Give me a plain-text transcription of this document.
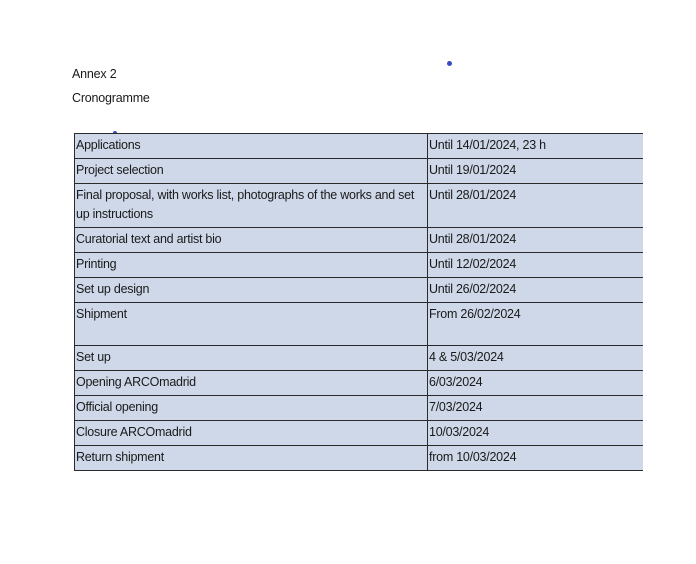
Annex 2
Cronogramme
Applications	Until 14/01/2024, 23 h
Project selection	Until 19/01/2024
Final proposal, with works list, photographs of the works and set up instructions	Until 28/01/2024
Curatorial text and artist bio	Until 28/01/2024
Printing	Until 12/02/2024
Set up design	Until 26/02/2024
Shipment	From 26/02/2024
Set up	4 & 5/03/2024
Opening ARCOmadrid	6/03/2024
Official opening	7/03/2024
Closure ARCOmadrid	10/03/2024
Return shipment	from 10/03/2024
